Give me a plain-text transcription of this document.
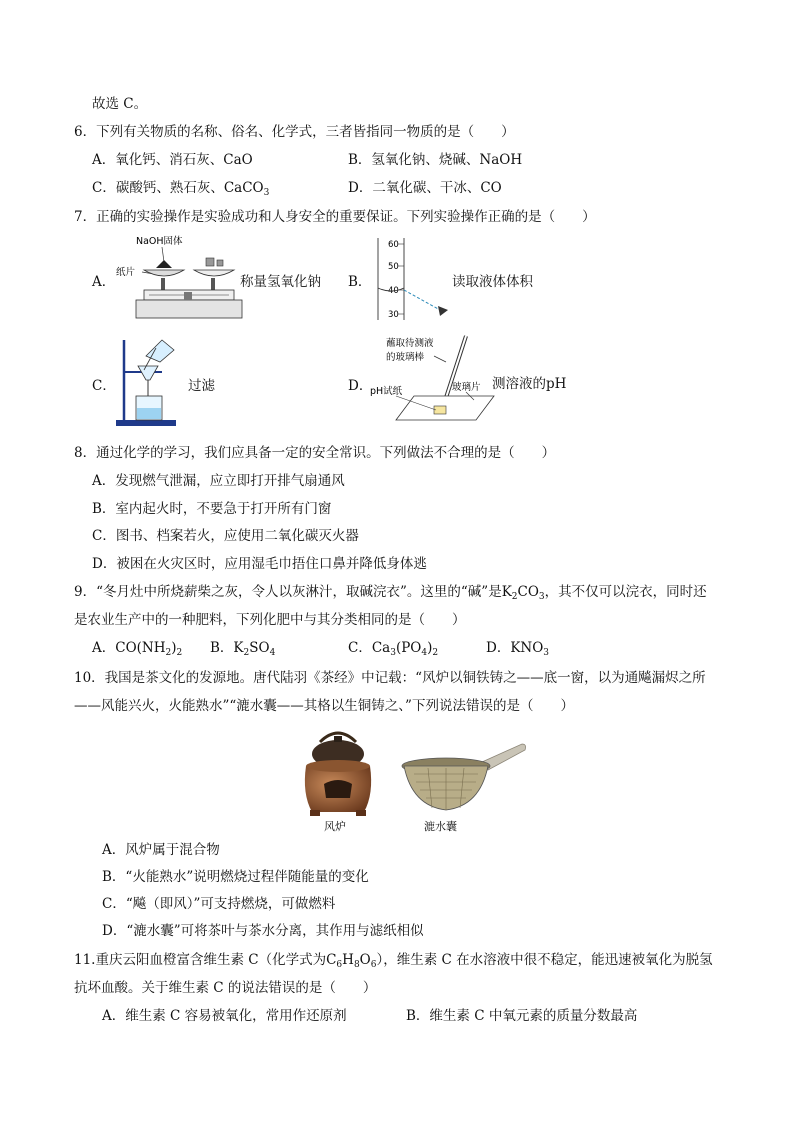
故选 C。
6．下列有关物质的名称、俗名、化学式，三者皆指同一物质的是（　　）
A．氧化钙、消石灰、CaO	B．氢氧化钠、烧碱、NaOH
C．碳酸钙、熟石灰、CaCO$_3$	D．二氧化碳、干冰、CO
7．正确的实验操作是实验成功和人身安全的重要保证。下列实验操作正确的是（　　）
A．
NaOH固体
纸片
称量氢氧化钠 B．
60
50
40
30
读取液体体积
C．	过滤	D．
蘸取待测液
的玻璃棒
pH试纸	玻璃片 测溶液的pH
8．通过化学的学习，我们应具备一定的安全常识。下列做法不合理的是（　　）
A．发现燃气泄漏，应立即打开排气扇通风
B．室内起火时，不要急于打开所有门窗
C．图书、档案若火，应使用二氧化碳灭火器
D．被困在火灾区时，应用湿毛巾捂住口鼻并降低身体逃
9．“冬月灶中所烧薪柴之灰，令人以灰淋汁，取碱浣衣”。这里的“碱”是$K_2CO_3$，其不仅可以浣衣，同时还
是农业生产中的一种肥料，下列化肥中与其分类相同的是（　　）
A．$CO(NH_2)_2$ B．$K_2SO_4$	C．$Ca_3(PO_4)_2$	D．$KNO_3$
10．我国是茶文化的发源地。唐代陆羽《茶经》中记载：“风炉以铜铁铸之——底一窗，以为通飚漏烬之所
——风能兴火，火能熟水”“漉水囊——其格以生铜铸之、”下列说法错误的是（　　）
风炉	漉水囊
A．风炉属于混合物
B．“火能熟水”说明燃烧过程伴随能量的变化
C．“飚（即风）”可支持燃烧，可做燃料
D．“漉水囊”可将茶叶与茶水分离，其作用与滤纸相似
11.重庆云阳血橙富含维生素 C（化学式为$C_6H_8O_6$），维生素 C 在水溶液中很不稳定，能迅速被氧化为脱氢
抗坏血酸。关于维生素 C 的说法错误的是（　　）
A．维生素 C 容易被氧化，常用作还原剂	B．维生素 C 中氧元素的质量分数最高
